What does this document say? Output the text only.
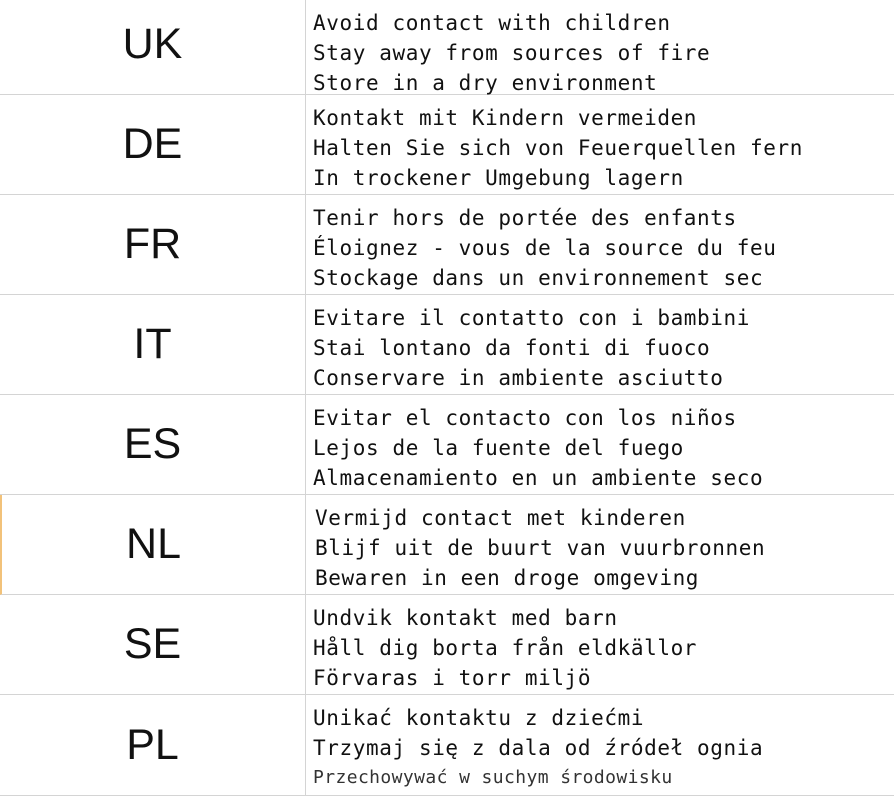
UK	Avoid contact with children
Stay away from sources of fire
Store in a dry environment
DE
Kontakt mit Kindern vermeiden
Halten Sie sich von Feuerquellen fern
In trockener Umgebung lagern
FR
Tenir hors de portée des enfants
Éloignez - vous de la source du feu
Stockage dans un environnement sec
IT
Evitare il contatto con i bambini
Stai lontano da fonti di fuoco
Conservare in ambiente asciutto
ES
Evitar el contacto con los niños
Lejos de la fuente del fuego
Almacenamiento en un ambiente seco
NL
Vermijd contact met kinderen
Blijf uit de buurt van vuurbronnen
Bewaren in een droge omgeving
SE
Undvik kontakt med barn
Håll dig borta från eldkällor
Förvaras i torr miljö
PL
Unikać kontaktu z dziećmi
Trzymaj się z dala od źródeł ognia
Przechowywać w suchym środowisku
